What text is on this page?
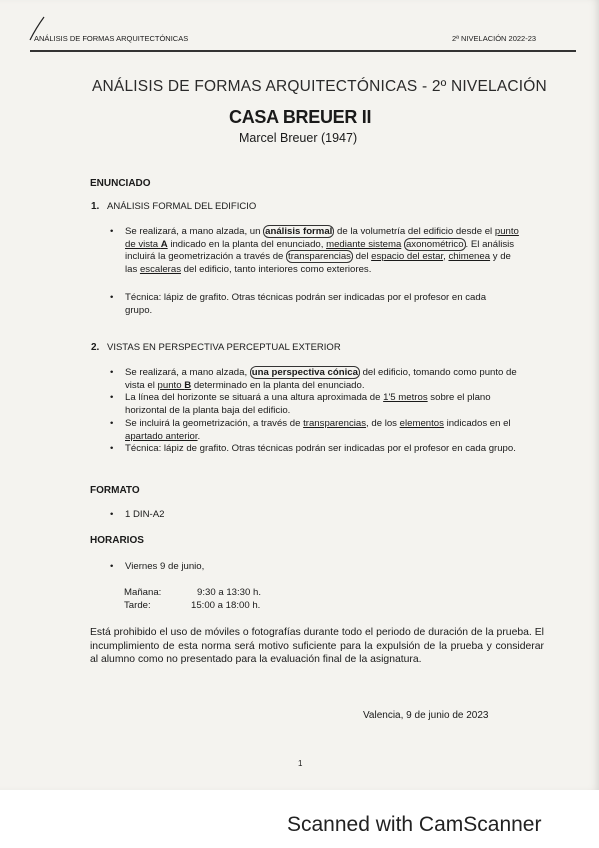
ANÁLISIS DE FORMAS ARQUITECTÓNICAS	2ª NIVELACIÓN 2022-23
ANÁLISIS DE FORMAS ARQUITECTÓNICAS - 2º NIVELACIÓN
CASA BREUER II
Marcel Breuer (1947)
ENUNCIADO
1. ANÁLISIS FORMAL DEL EDIFICIO
• Se realizará, a mano alzada, un análisis formal de la volumetría del edificio desde el punto de vista A indicado en la planta del enunciado, mediante sistema axonométrico . El análisis incluirá la geometrización a través de transparencias del espacio del estar, chimenea y de las escaleras del edificio, tanto interiores como exteriores.
• Técnica: lápiz de grafito. Otras técnicas podrán ser indicadas por el profesor en cada grupo.
2. VISTAS EN PERSPECTIVA PERCEPTUAL EXTERIOR
• Se realizará, a mano alzada, una perspectiva cónica del edificio, tomando como punto de vista el punto B determinado en la planta del enunciado.
• La línea del horizonte se situará a una altura aproximada de 1'5 metros sobre el plano horizontal de la planta baja del edificio.
• Se incluirá la geometrización, a través de transparencias, de los elementos indicados en el apartado anterior.
• Técnica: lápiz de grafito. Otras técnicas podrán ser indicadas por el profesor en cada grupo.
FORMATO
• 1 DIN-A2
HORARIOS
• Viernes 9 de junio,
Mañana:	9:30 a 13:30 h.
Tarde:	15:00 a 18:00 h.
Está prohibido el uso de móviles o fotografías durante todo el periodo de duración de la prueba. El incumplimiento de esta norma será motivo suficiente para la expulsión de la prueba y considerar al alumno como no presentado para la evaluación final de la asignatura.
Valencia, 9 de junio de 2023
1
Scanned with CamScanner
